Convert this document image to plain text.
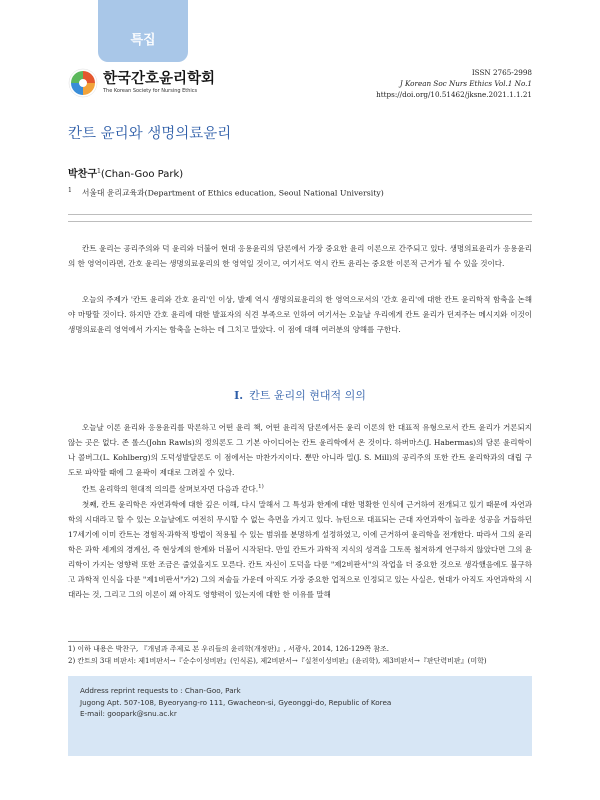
특집
한국간호윤리학회
The Korean Society for Nursing Ethics
ISSN 2765-2998
J Korean Soc Nurs Ethics Vol.1 No.1
https://doi.org/10.51462/jksne.2021.1.1.21
칸트 윤리와 생명의료윤리
박찬구$^1$(Chan-Goo Park)
$^1$ 서울대 윤리교육과(Department of Ethics education, Seoul National University)

칸트 윤리는 공리주의와 덕 윤리와 더불어 현대 응용윤리의 담론에서 가장 중요한 윤리 이론으로 간주되고 있다. 생명의료윤리가 응용윤리의 한 영역이라면, 간호 윤리는 생명의료윤리의 한 영역일 것이고, 여기서도 역시 칸트 윤리는 중요한 이론적 근거가 될 수 있을 것이다.

오늘의 주제가 '칸트 윤리와 간호 윤리'인 이상, 발제 역시 생명의료윤리의 한 영역으로서의 '간호 윤리'에 대한 칸트 윤리학적 함축을 논해야 마땅할 것이다. 하지만 간호 윤리에 대한 발표자의 식견 부족으로 인하여 여기서는 오늘날 우리에게 칸트 윤리가 던져주는 메시지와 이것이 생명의료윤리 영역에서 가지는 함축을 논하는 데 그치고 말았다. 이 점에 대해 여러분의 양해를 구한다.

I. 칸트 윤리의 현대적 의의

오늘날 이론 윤리와 응용윤리를 막론하고 어떤 윤리 책, 어떤 윤리적 담론에서든 윤리 이론의 한 대표적 유형으로서 칸트 윤리가 거론되지 않는 곳은 없다. 존 롤스(John Rawls)의 정의론도 그 기본 아이디어는 칸트 윤리학에서 온 것이다. 하버마스(J. Habermas)의 담론 윤리학이나 콜버그(L. Kohlberg)의 도덕성발달론도 이 점에서는 마찬가지이다. 뿐만 아니라 밀(J. S. Mill)의 공리주의 또한 칸트 윤리학과의 대립 구도로 파악할 때에 그 윤곽이 제대로 그려질 수 있다.

칸트 윤리학의 현대적 의의를 살펴보자면 다음과 같다.$^{1)}$

첫째, 칸트 윤리학은 자연과학에 대한 깊은 이해, 다시 말해서 그 특성과 한계에 대한 명확한 인식에 근거하여 전개되고 있기 때문에 자연과학의 시대라고 할 수 있는 오늘날에도 여전히 무시할 수 없는 측면을 가지고 있다. 뉴턴으로 대표되는 근대 자연과학이 놀라운 성공을 거듭하던 17세기에 이미 칸트는 경험적·과학적 방법이 적용될 수 있는 범위를 분명하게 설정하였고, 이에 근거하여 윤리학을 전개한다. 따라서 그의 윤리학은 과학 세계의 경계선, 즉 현상계의 한계와 더불어 시작된다. 만일 칸트가 과학적 지식의 성격을 그토록 철저하게 연구하지 않았다면 그의 윤리학이 가지는 영향력 또한 조금은 줄었을지도 모른다. 칸트 자신이 도덕을 다룬 "제2비판서"의 작업을 더 중요한 것으로 생각했음에도 불구하고 과학적 인식을 다룬 "제1비판서"가2) 그의 저술들 가운데 아직도 가장 중요한 업적으로 인정되고 있는 사실은, 현대가 아직도 자연과학의 시대라는 것, 그리고 그의 이론이 왜 아직도 영향력이 있는지에 대한 한 이유를 말해

1) 이하 내용은 박찬구, 『개념과 주제로 본 우리들의 윤리학(개정판)』, 서광사, 2014, 126-129쪽 참조.
2) 칸트의 3대 비판서: 제1비판서→『순수이성비판』(인식론), 제2비판서→『실천이성비판』(윤리학), 제3비판서→『판단력비판』(미학)
Address reprint requests to : Chan-Goo, Park
Jugong Apt. 507-108, Byeoryang-ro 111, Gwacheon-si, Gyeonggi-do, Republic of Korea
E-mail: goopark@snu.ac.kr
